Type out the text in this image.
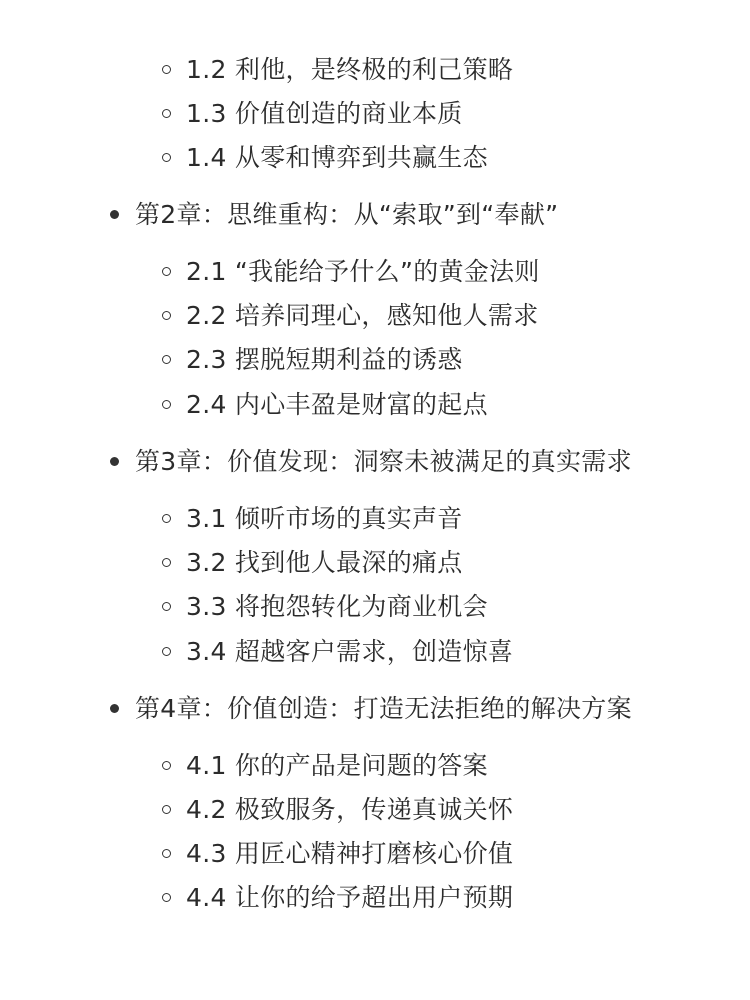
1.2 利他，是终极的利己策略
1.3 价值创造的商业本质
1.4 从零和博弈到共赢生态
第2章：思维重构：从“索取”到“奉献”
2.1 “我能给予什么”的黄金法则
2.2 培养同理心，感知他人需求
2.3 摆脱短期利益的诱惑
2.4 内心丰盈是财富的起点
第3章：价值发现：洞察未被满足的真实需求
3.1 倾听市场的真实声音
3.2 找到他人最深的痛点
3.3 将抱怨转化为商业机会
3.4 超越客户需求，创造惊喜
第4章：价值创造：打造无法拒绝的解决方案
4.1 你的产品是问题的答案
4.2 极致服务，传递真诚关怀
4.3 用匠心精神打磨核心价值
4.4 让你的给予超出用户预期
